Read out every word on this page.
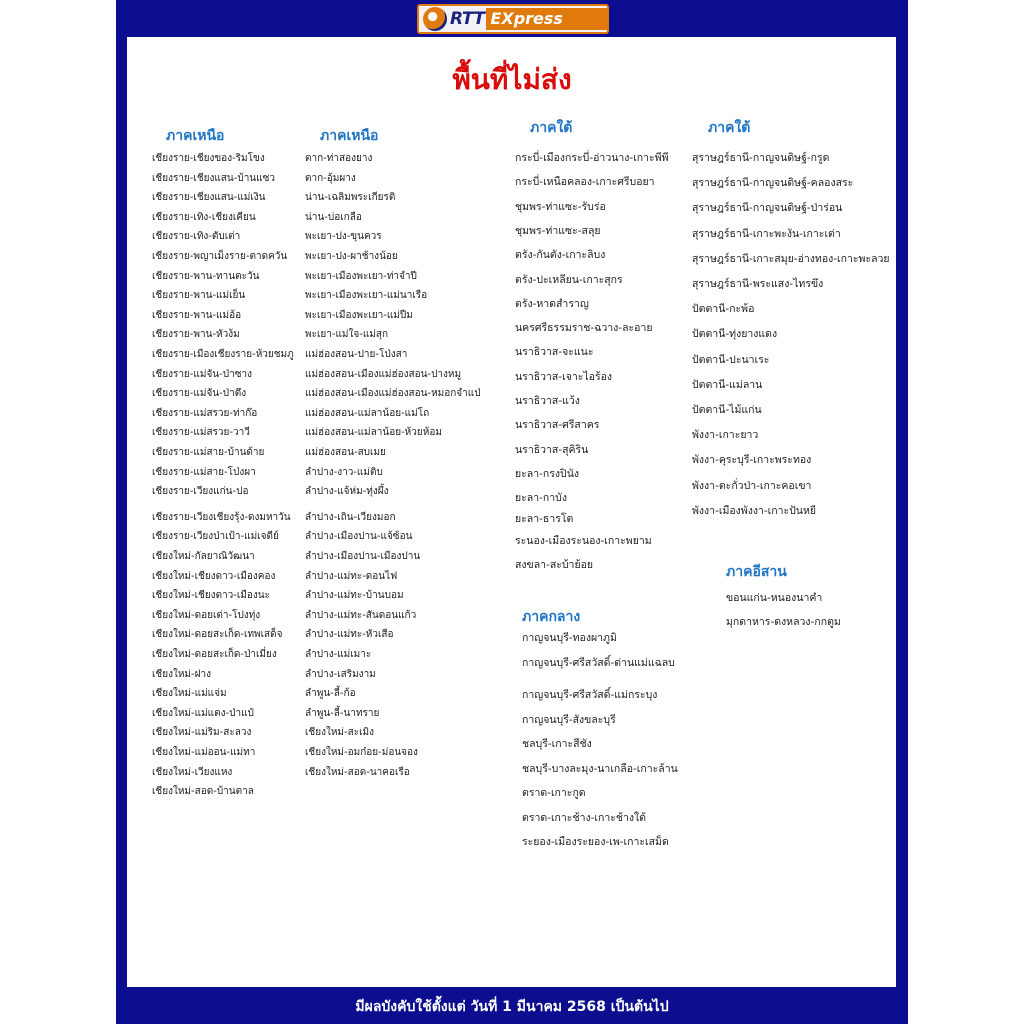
RTT EXpress
พื้นที่ไม่ส่ง
ภาคเหนือ
เชียงราย-เชียงของ-ริมโขง
เชียงราย-เชียงแสน-บ้านแซว
เชียงราย-เชียงแสน-แม่เงิน
เชียงราย-เทิง-เชียงเคียน
เชียงราย-เทิง-ตับเต่า
เชียงราย-พญาเม็งราย-ตาดควัน
เชียงราย-พาน-ทานตะวัน
เชียงราย-พาน-แม่เย็น
เชียงราย-พาน-แม่อ้อ
เชียงราย-พาน-หัวง้ม
เชียงราย-เมืองเชียงราย-ห้วยชมภู
เชียงราย-แม่จัน-ป่าซาง
เชียงราย-แม่จัน-ป่าตึง
เชียงราย-แม่สรวย-ท่าก๊อ
เชียงราย-แม่สรวย-วาวี
เชียงราย-แม่สาย-บ้านด้าย
เชียงราย-แม่สาย-โป่งผา
เชียงราย-เวียงแก่น-ปอ
เชียงราย-เวียงเชียงรุ้ง-ดงมหาวัน
เชียงราย-เวียงป่าเป้า-แม่เจดีย์
เชียงใหม่-กัลยาณิวัฒนา
เชียงใหม่-เชียงดาว-เมืองคอง
เชียงใหม่-เชียงดาว-เมืองนะ
เชียงใหม่-ดอยเต่า-โปงทุ่ง
เชียงใหม่-ดอยสะเก็ด-เทพเสด็จ
เชียงใหม่-ดอยสะเก็ด-ป่าเมี่ยง
เชียงใหม่-ฝาง
เชียงใหม่-แม่แจ่ม
เชียงใหม่-แม่แตง-ป่าแป๋
เชียงใหม่-แม่ริม-สะลวง
เชียงใหม่-แม่ออน-แม่ทา
เชียงใหม่-เวียงแหง
เชียงใหม่-สอด-บ้านตาล
ภาคเหนือ
ตาก-ท่าสองยาง
ตาก-อุ้มผาง
น่าน-เฉลิมพระเกียรติ
น่าน-บ่อเกลือ
พะเยา-ปง-ขุนควร
พะเยา-ปง-ผาช้างน้อย
พะเยา-เมืองพะเยา-ท่าจำปี
พะเยา-เมืองพะเยา-แม่นาเรือ
พะเยา-เมืองพะเยา-แม่ปืม
พะเยา-แม่ใจ-แม่สุก
แม่ฮ่องสอน-ปาย-โป่งสา
แม่ฮ่องสอน-เมืองแม่ฮ่องสอน-ปางหมู
แม่ฮ่องสอน-เมืองแม่ฮ่องสอน-หมอกจำแป่
แม่ฮ่องสอน-แม่ลาน้อย-แม่โถ
แม่ฮ่องสอน-แม่ลาน้อย-ห้วยห้อม
แม่ฮ่องสอน-สบเมย
ลำปาง-งาว-แม่ติบ
ลำปาง-แจ้ห่ม-ทุ่งผึ้ง
ลำปาง-เถิน-เวียงมอก
ลำปาง-เมืองปาน-แจ้ซ้อน
ลำปาง-เมืองปาน-เมืองปาน
ลำปาง-แม่ทะ-ดอนไฟ
ลำปาง-แม่ทะ-บ้านบอม
ลำปาง-แม่ทะ-สันดอนแก้ว
ลำปาง-แม่ทะ-หัวเสือ
ลำปาง-แม่เมาะ
ลำปาง-เสริมงาม
ลำพูน-ลี้-ก้อ
ลำพูน-ลี้-นาทราย
เชียงใหม่-สะเมิง
เชียงใหม่-อมก๋อย-ม่อนจอง
เชียงใหม่-สอด-นาคอเรือ
ภาคใต้
กระบี่-เมืองกระบี่-อ่าวนาง-เกาะพีพี
กระบี่-เหนือคลอง-เกาะศรีบอยา
ชุมพร-ท่าแซะ-รับร่อ
ชุมพร-ท่าแซะ-สลุย
ตรัง-กันตัง-เกาะลิบง
ตรัง-ปะเหลียน-เกาะสุกร
ตรัง-หาดสำราญ
นครศรีธรรมราช-ฉวาง-ละอาย
นราธิวาส-จะแนะ
นราธิวาส-เจาะไอร้อง
นราธิวาส-แว้ง
นราธิวาส-ศรีสาคร
นราธิวาส-สุคิริน
ยะลา-กรงปินัง
ยะลา-กาบัง
ยะลา-ธารโต
ระนอง-เมืองระนอง-เกาะพยาม
สงขลา-สะบ้าย้อย
ภาคใต้
สุราษฎร์ธานี-กาญจนดิษฐ์-กรูด
สุราษฎร์ธานี-กาญจนดิษฐ์-คลองสระ
สุราษฎร์ธานี-กาญจนดิษฐ์-ป่าร่อน
สุราษฎร์ธานี-เกาะพะงัน-เกาะเต่า
สุราษฎร์ธานี-เกาะสมุย-อ่างทอง-เกาะพะลวย
สุราษฎร์ธานี-พระแสง-ไทรขึง
ปัตตานี-กะพ้อ
ปัตตานี-ทุ่งยางแดง
ปัตตานี-ปะนาเระ
ปัตตานี-แม่ลาน
ปัตตานี-ไม้แก่น
พังงา-เกาะยาว
พังงา-คุระบุรี-เกาะพระทอง
พังงา-ตะกั่วป่า-เกาะคอเขา
พังงา-เมืองพังงา-เกาะปันหยี
ภาคกลาง
กาญจนบุรี-ทองผาภูมิ
กาญจนบุรี-ศรีสวัสดิ์-ด่านแม่แฉลบ
กาญจนบุรี-ศรีสวัสดิ์-แม่กระบุง
กาญจนบุรี-สังขละบุรี
ชลบุรี-เกาะสีชัง
ชลบุรี-บางละมุง-นาเกลือ-เกาะล้าน
ตราด-เกาะกูด
ตราด-เกาะช้าง-เกาะช้างใต้
ระยอง-เมืองระยอง-เพ-เกาะเสม็ด
ภาคอีสาน
ขอนแก่น-หนองนาคำ
มุกดาหาร-ดงหลวง-กกตูม
มีผลบังคับใช้ตั้งแต่ วันที่ 1 มีนาคม 2568 เป็นต้นไป
